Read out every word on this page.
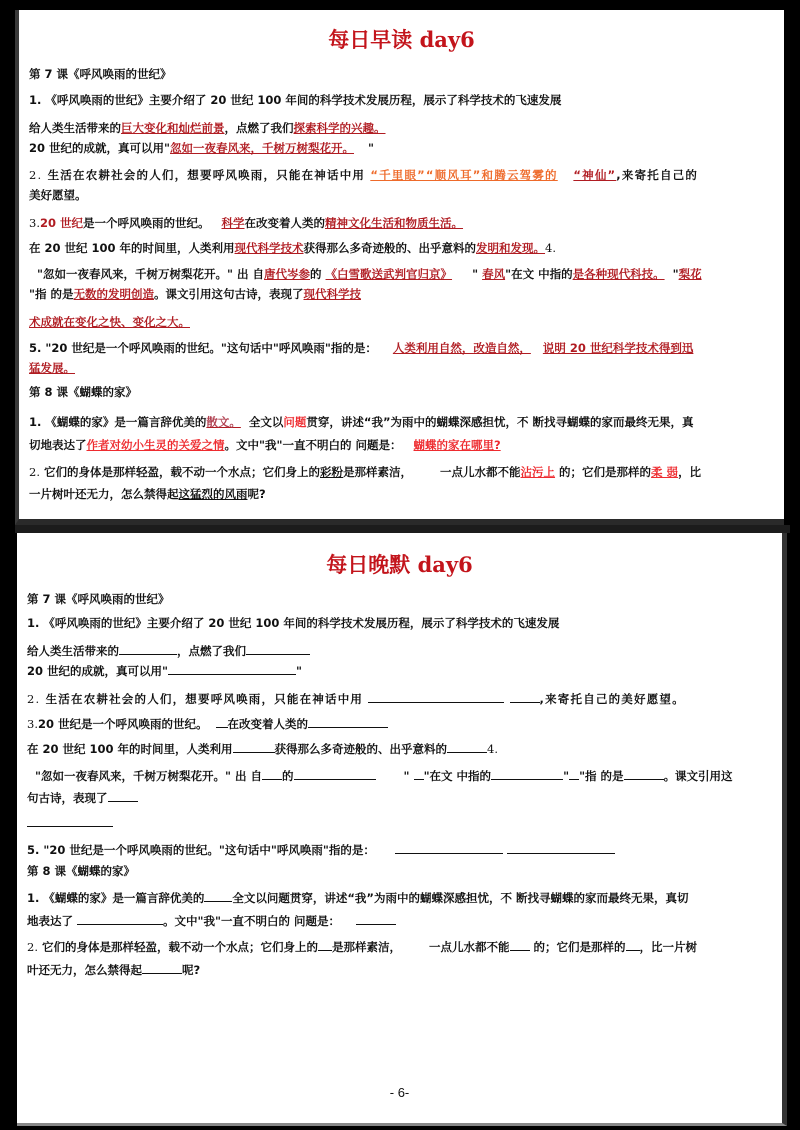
每日早读 day6
第 7 课《呼风唤雨的世纪》
1. 《呼风唤雨的世纪》主要介绍了 20 世纪 100 年间的科学技术发展历程，展示了科学技术的飞速发展
给人类生活带来的巨大变化和灿烂前景，点燃了我们探索科学的兴趣。
20 世纪的成就，真可以用"忽如一夜春风来，千树万树梨花开。 "
2. 生活在农耕社会的人们，想要呼风唤雨，只能在神话中用 “千里眼”“顺风耳”和腾云驾雾的 “神仙”,来寄托自己的
美好愿望。
3.20 世纪是一个呼风唤雨的世纪。 科学在改变着人类的精神文化生活和物质生活。
在 20 世纪 100 年的时间里，人类利用现代科学技术获得那么多奇迹般的、出乎意料的发明和发现。4.
"忽如一夜春风来，千树万树梨花开。" 出 自唐代岑参的 《白雪歌送武判官归京》 " 春风"在文 中指的是各种现代科技。 "梨花
"指 的是无数的发明创造。课文引用这句古诗，表现了现代科学技
术成就在变化之快、变化之大。
5. "20 世纪是一个呼风唤雨的世纪。"这句话中"呼风唤雨"指的是： 人类利用自然，改造自然， 说明 20 世纪科学技术得到迅
猛发展。
第 8 课《蝴蝶的家》
1. 《蝴蝶的家》是一篇言辞优美的散文。 全文以问题贯穿，讲述“我”为雨中的蝴蝶深感担忧，不 断找寻蝴蝶的家而最终无果，真
切地表达了作者对幼小生灵的关爱之情。文中"我"一直不明白的 问题是： 蝴蝶的家在哪里?
2. 它们的身体是那样轻盈，载不动一个水点；它们身上的彩粉是那样素洁， 一点儿水都不能沾污上 的；它们是那样的柔 弱，比
一片树叶还无力，怎么禁得起这猛烈的风雨呢?
每日晚默 day6
第 7 课《呼风唤雨的世纪》
1. 《呼风唤雨的世纪》主要介绍了 20 世纪 100 年间的科学技术发展历程，展示了科学技术的飞速发展
给人类生活带来的	，点燃了我们
20 世纪的成就，真可以用"	"
2. 生活在农耕社会的人们，想要呼风唤雨，只能在神话中用	,来寄托自己的美好愿望。
3.20 世纪是一个呼风唤雨的世纪。 在改变着人类的
在 20 世纪 100 年的时间里，人类利用	获得那么多奇迹般的、出乎意料的	4.
"忽如一夜春风来，千树万树梨花开。" 出 自 的	" "在文 中指的	" "指 的是	。课文引用这
句古诗，表现了
5. "20 世纪是一个呼风唤雨的世纪。"这句话中"呼风唤雨"指的是：
第 8 课《蝴蝶的家》
1. 《蝴蝶的家》是一篇言辞优美的 全文以问题贯穿，讲述“我”为雨中的蝴蝶深感担忧，不 断找寻蝴蝶的家而最终无果，真切
地表达了	。文中"我"一直不明白的 问题是：
2. 它们的身体是那样轻盈，载不动一个水点；它们身上的 是那样素洁， 一点儿水都不能 的；它们是那样的 ，比一片树
叶还无力，怎么禁得起	呢?
- 6-
